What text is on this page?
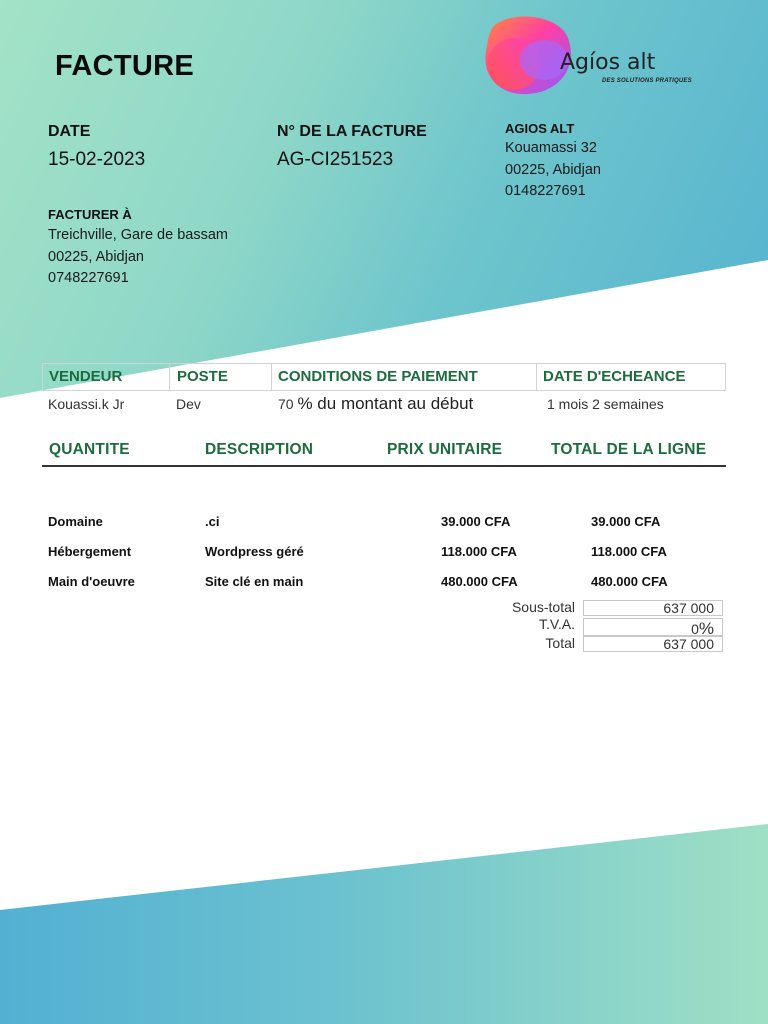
FACTURE	Agíos alt
DES SOLUTIONS PRATIQUES
DATE
15-02-2023
N° DE LA FACTURE
AG-CI251523
AGIOS ALT
Kouamassi 32
00225, Abidjan
0148227691
FACTURER À
Treichville, Gare de bassam
00225, Abidjan
0748227691
VENDEUR	POSTE	CONDITIONS DE PAIEMENT	DATE D'ECHEANCE
Kouassi.k Jr	Dev	70 % du montant au début	1 mois 2 semaines
QUANTITE	DESCRIPTION	PRIX UNITAIRE	TOTAL DE LA LIGNE
Domaine	.ci	39.000 CFA	39.000 CFA
Hébergement	Wordpress géré	118.000 CFA	118.000 CFA
Main d'oeuvre	Site clé en main	480.000 CFA	480.000 CFA
Sous-total	637 000
T.V.A.	0%
Total	637 000
